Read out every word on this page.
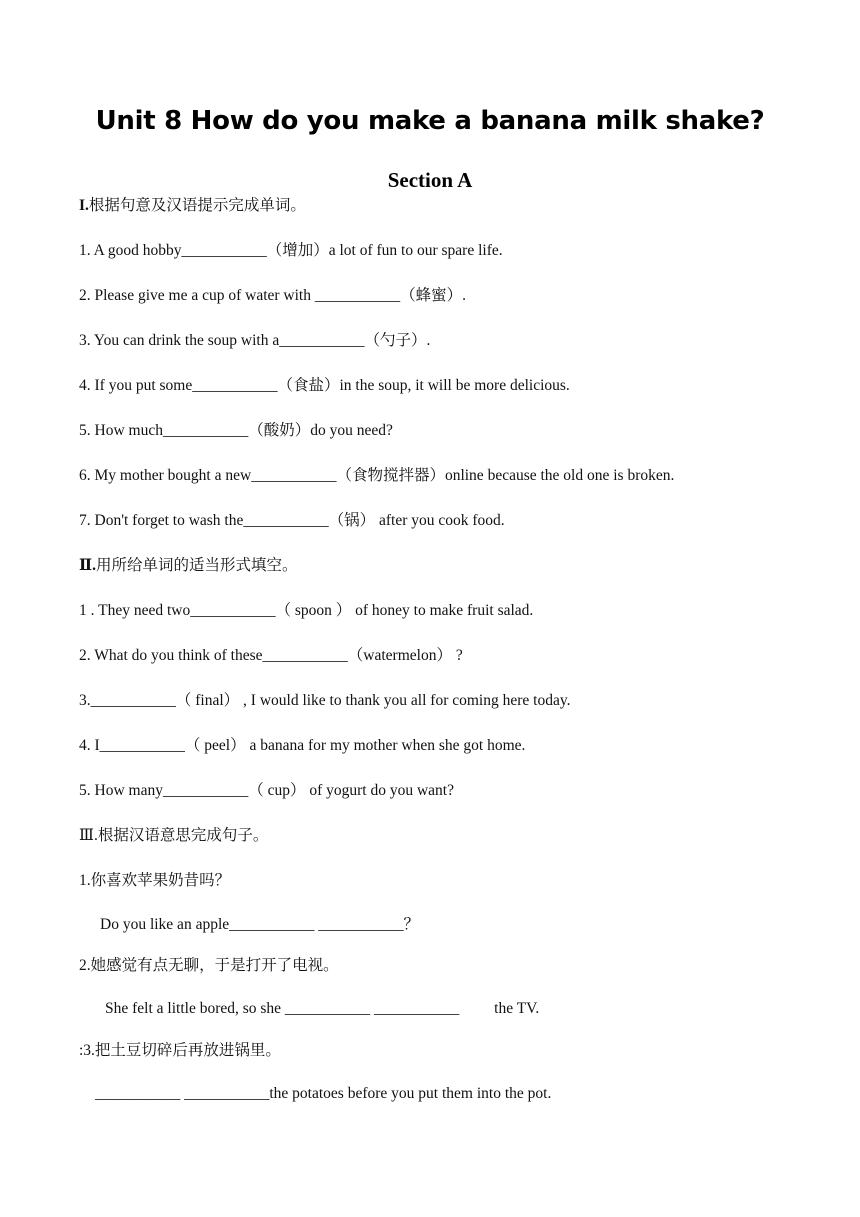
Unit 8 How do you make a banana milk shake?
Section A
I.根据句意及汉语提示完成单词。
1. A good hobby___________（增加）a lot of fun to our spare life.
2. Please give me a cup of water with ___________（蜂蜜）.
3. You can drink the soup with a___________（勺子）.
4. If you put some___________（食盐）in the soup, it will be more delicious.
5. How much___________（酸奶）do you need?
6. My mother bought a new___________（食物搅拌器）online because the old one is broken.
7. Don't forget to wash the___________（锅） after you cook food.
Ⅱ.用所给单词的适当形式填空。
1 . They need two___________（ spoon ） of honey to make fruit salad.
2. What do you think of these___________（watermelon） ?
3.___________（ final） , I would like to thank you all for coming here today.
4. I___________（ peel） a banana for my mother when she got home.
5. How many___________（ cup） of yogurt do you want?
Ⅲ.根据汉语意思完成句子。
1.你喜欢苹果奶昔吗？
Do you like an apple___________ ___________？
2.她感觉有点无聊，于是打开了电视。
She felt a little bored, so she ___________ ___________         the TV.
:3.把土豆切碎后再放进锅里。
___________ ___________the potatoes before you put them into the pot.
